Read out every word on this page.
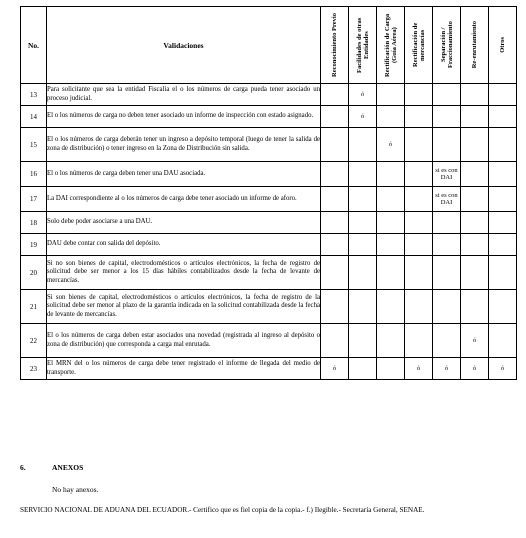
No.	Validaciones	Reconocimiento Previo	Facilidades de otras Entidades	Rectificación de Carga (Guía Aérea)	Rectificación de mercancías	Separación / Fraccionamiento	Re-enrutamiento	Otros

13	Para solicitante que sea la entidad Fiscalía el o los números de carga pueda tener asociado un proceso judicial.		ó					
14	El o los números de carga no deben tener asociado un informe de inspección con estado asignado.		ó					
15	El o los números de carga deberán tener un ingreso a depósito temporal (luego de tener la salida de zona de distribución) o tener ingreso en la Zona de Distribución sin salida.			ó				
16	El o los números de carga deben tener una DAU asociada.					si es con DAI		
17	La DAI correspondiente al o los números de carga debe tener asociado un informe de aforo.					si es con DAI		
18	Solo debe poder asociarse a una DAU.							
19	DAU debe contar con salida del depósito.							
20	Si no son bienes de capital, electrodomésticos o artículos electrónicos, la fecha de registro de solicitud debe ser menor a los 15 días hábiles contabilizados desde la fecha de levante de mercancías.							
21	Si son bienes de capital, electrodomésticos o artículos electrónicos, la fecha de registro de la solicitud debe ser menor al plazo de la garantía indicada en la solicitud contabilizada desde la fecha de levante de mercancías.							
22	El o los números de carga deben estar asociados una novedad (registrada al ingreso al depósito o zona de distribución) que corresponda a carga mal enrutada.						ó	
23	El MRN del o los números de carga debe tener registrado el informe de llegada del medio de transporte.	ó			ó	ó	ó	ó
6.	ANEXOS
No hay anexos.
SERVICIO NACIONAL DE ADUANA DEL ECUADOR.- Certifico que es fiel copia de la copia.- f.) Ilegible.- Secretaría General, SENAE.
